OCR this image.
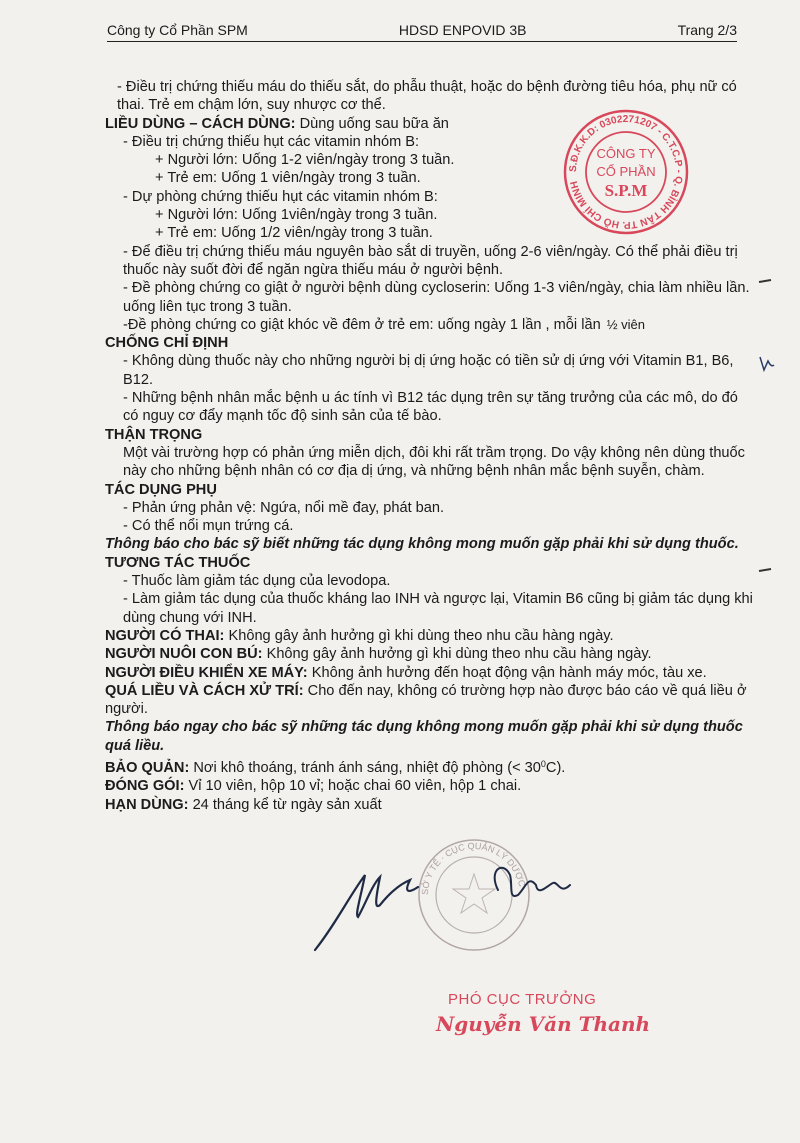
Công ty Cổ Phần SPM	HDSD ENPOVID 3B	Trang 2/3

- Điều trị chứng thiếu máu do thiếu sắt, do phẫu thuật, hoặc do bệnh đường tiêu hóa, phụ nữ có thai. Trẻ em chậm lớn, suy nhược cơ thể.

LIỀU DÙNG – CÁCH DÙNG: Dùng uống sau bữa ăn

- Điều trị chứng thiếu hụt các vitamin nhóm B:

+ Người lớn: Uống 1-2 viên/ngày trong 3 tuần.

+ Trẻ em: Uống 1 viên/ngày trong 3 tuần.

- Dự phòng chứng thiếu hụt các vitamin nhóm B:

+ Người lớn: Uống 1viên/ngày trong 3 tuần.

+ Trẻ em: Uống 1/2 viên/ngày trong 3 tuần.

- Để điều trị chứng thiếu máu nguyên bào sắt di truyền, uống 2-6 viên/ngày. Có thể phải điều trị thuốc này suốt đời để ngăn ngừa thiếu máu ở người bệnh.

- Đề phòng chứng co giật ở người bệnh dùng cycloserin: Uống 1-3 viên/ngày, chia làm nhiều lần. uống liên tục trong 3 tuần.

-Đề phòng chứng co giật khóc về đêm ở trẻ em: uống ngày 1 lần , mỗi lần ½ viên

CHỐNG CHỈ ĐỊNH

- Không dùng thuốc này cho những người bị dị ứng hoặc có tiền sử dị ứng với Vitamin B1, B6, B12.

- Những bệnh nhân mắc bệnh u ác tính vì B12 tác dụng trên sự tăng trưởng của các mô, do đó có nguy cơ đẩy mạnh tốc độ sinh sản của tế bào.

THẬN TRỌNG

Một vài trường hợp có phản ứng miễn dịch, đôi khi rất trầm trọng. Do vậy không nên dùng thuốc này cho những bệnh nhân có cơ địa dị ứng, và những bệnh nhân mắc bệnh suyễn, chàm.

TÁC DỤNG PHỤ

- Phản ứng phản vệ: Ngứa, nổi mề đay, phát ban.

- Có thể nổi mụn trứng cá.

Thông báo cho bác sỹ biết những tác dụng không mong muốn gặp phải khi sử dụng thuốc.

TƯƠNG TÁC THUỐC

- Thuốc làm giảm tác dụng của levodopa.

- Làm giảm tác dụng của thuốc kháng lao INH và ngược lại, Vitamin B6 cũng bị giảm tác dụng khi dùng chung với INH.

NGƯỜI CÓ THAI: Không gây ảnh hưởng gì khi dùng theo nhu cầu hàng ngày.

NGƯỜI NUÔI CON BÚ: Không gây ảnh hưởng gì khi dùng theo nhu cầu hàng ngày.

NGƯỜI ĐIỀU KHIỂN XE MÁY: Không ảnh hưởng đến hoạt động vận hành máy móc, tàu xe.

QUÁ LIỀU VÀ CÁCH XỬ TRÍ: Cho đến nay, không có trường hợp nào được báo cáo về quá liều ở người.

Thông báo ngay cho bác sỹ những tác dụng không mong muốn gặp phải khi sử dụng thuốc quá liều.

BẢO QUẢN: Nơi khô thoáng, tránh ánh sáng, nhiệt độ phòng (< $30^0C$).

ĐÓNG GÓI: Vỉ 10 viên, hộp 10 vỉ; hoặc chai 60 viên, hộp 1 chai.

HẠN DÙNG: 24 tháng kể từ ngày sản xuất

S.Đ.K.K.D: 0302271207 - C.T.C.P - Q. BÌNH TÂN TP. HỒ CHÍ MINH
CÔNG TY
CỔ PHẦN
S.P.M
SỞ Y TẾ · CỤC QUẢN LÝ DƯỢC
PHÓ CỤC TRƯỞNG
Nguyễn Văn Thanh
